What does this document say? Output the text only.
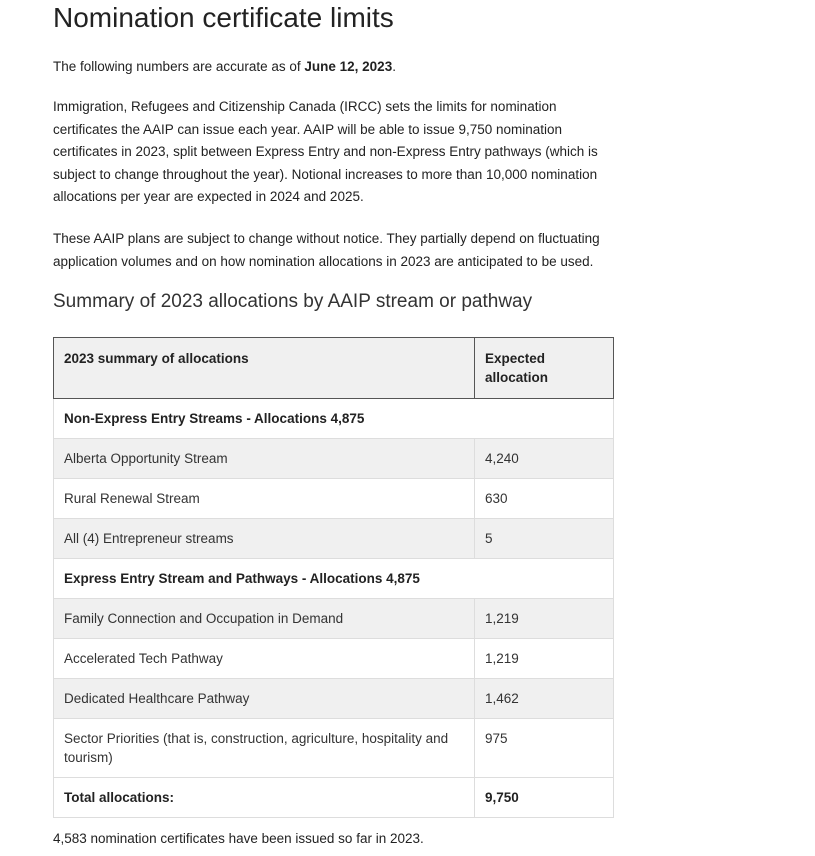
Nomination certificate limits

The following numbers are accurate as of June 12, 2023.

Immigration, Refugees and Citizenship Canada (IRCC) sets the limits for nomination certificates the AAIP can issue each year. AAIP will be able to issue 9,750 nomination certificates in 2023, split between Express Entry and non-Express Entry pathways (which is subject to change throughout the year). Notional increases to more than 10,000 nomination allocations per year are expected in 2024 and 2025.

These AAIP plans are subject to change without notice. They partially depend on fluctuating application volumes and on how nomination allocations in 2023 are anticipated to be used.

Summary of 2023 allocations by AAIP stream or pathway
2023 summary of allocations	Expected allocation
Non-Express Entry Streams - Allocations 4,875	
Alberta Opportunity Stream	4,240
Rural Renewal Stream	630
All (4) Entrepreneur streams	5
Express Entry Stream and Pathways - Allocations 4,875	
Family Connection and Occupation in Demand	1,219
Accelerated Tech Pathway	1,219
Dedicated Healthcare Pathway	1,462
Sector Priorities (that is, construction, agriculture, hospitality and tourism)	975
Total allocations:	9,750

4,583 nomination certificates have been issued so far in 2023.
